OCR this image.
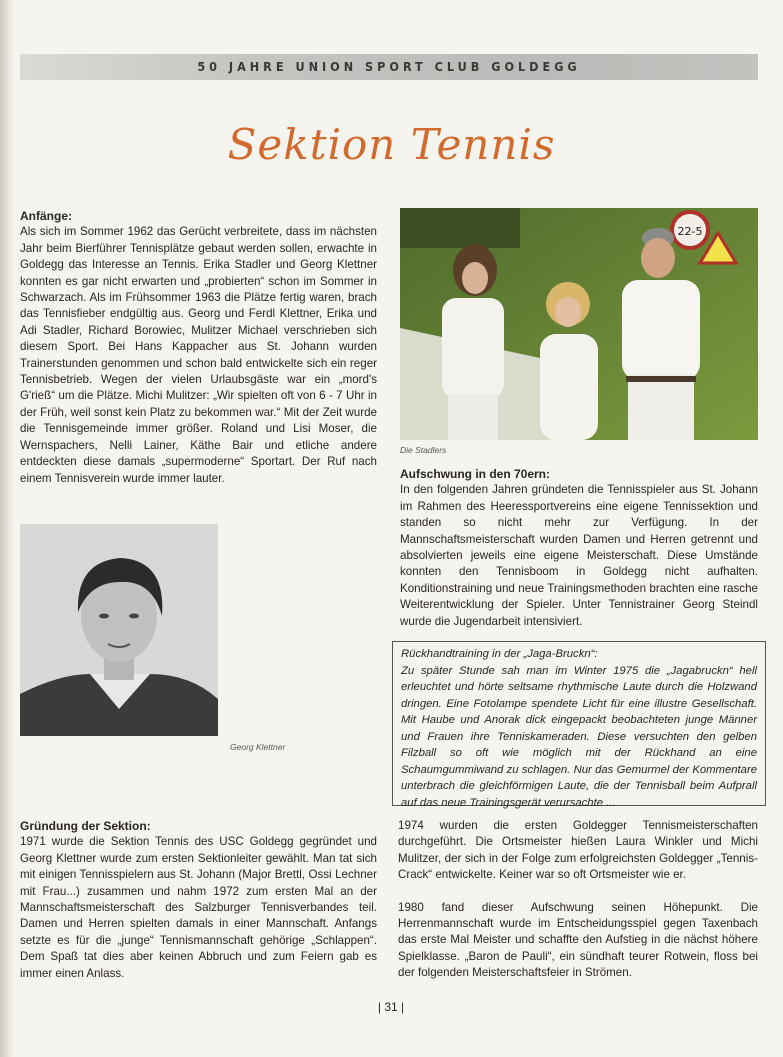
50 JAHRE UNION SPORT CLUB GOLDEGG
Sektion Tennis

Anfänge:

Als sich im Sommer 1962 das Gerücht verbreitete, dass im nächsten Jahr beim Bierführer Tennisplätze gebaut werden sollen, erwachte in Goldegg das Interesse an Tennis. Erika Stadler und Georg Klettner konnten es gar nicht erwarten und „probierten“ schon im Sommer in Schwarzach. Als im Frühsommer 1963 die Plätze fertig waren, brach das Tennisfieber endgültig aus. Georg und Ferdl Klettner, Erika und Adi Stadler, Richard Borowiec, Mulitzer Michael verschrieben sich diesem Sport. Bei Hans Kappacher aus St. Johann wurden Trainerstunden genommen und schon bald entwickelte sich ein reger Tennisbetrieb. Wegen der vielen Urlaubsgäste war ein „mord's G'rieß“ um die Plätze. Michi Mulitzer: „Wir spielten oft von 6 - 7 Uhr in der Früh, weil sonst kein Platz zu bekommen war.“ Mit der Zeit wurde die Tennisgemeinde immer größer. Roland und Lisi Moser, die Wernspachers, Nelli Lainer, Käthe Bair und etliche andere entdeckten diese damals „supermoderne“ Sportart. Der Ruf nach einem Tennisverein wurde immer lauter.

22-5
Die Stadlers

Aufschwung in den 70ern:

In den folgenden Jahren gründeten die Tennisspieler aus St. Johann im Rahmen des Heeressportvereins eine eigene Tennissektion und standen so nicht mehr zur Verfügung. In der Mannschaftsmeisterschaft wurden Damen und Herren getrennt und absolvierten jeweils eine eigene Meisterschaft. Diese Umstände konnten den Tennisboom in Goldegg nicht aufhalten. Konditionstraining und neue Trainingsmethoden brachten eine rasche Weiterentwicklung der Spieler. Unter Tennistrainer Georg Steindl wurde die Jugendarbeit intensiviert.

Georg Klettner

Rückhandtraining in der „Jaga-Bruckn“:

Zu später Stunde sah man im Winter 1975 die „Jagabruckn“ hell erleuchtet und hörte seltsame rhythmische Laute durch die Holzwand dringen. Eine Fotolampe spendete Licht für eine illustre Gesellschaft. Mit Haube und Anorak dick eingepackt beobachteten junge Männer und Frauen ihre Tenniskameraden. Diese versuchten den gelben Filzball so oft wie möglich mit der Rückhand an eine Schaumgummiwand zu schlagen. Nur das Gemurmel der Kommentare unterbrach die gleichförmigen Laute, die der Tennisball beim Aufprall auf das neue Trainingsgerät verursachte ...

Gründung der Sektion:

1971 wurde die Sektion Tennis des USC Goldegg gegründet und Georg Klettner wurde zum ersten Sektionleiter gewählt. Man tat sich mit einigen Tennisspielern aus St. Johann (Major Brettl, Ossi Lechner mit Frau...) zusammen und nahm 1972 zum ersten Mal an der Mannschaftsmeisterschaft des Salzburger Tennisverbandes teil. Damen und Herren spielten damals in einer Mannschaft. Anfangs setzte es für die „junge“ Tennismannschaft gehörige „Schlappen“. Dem Spaß tat dies aber keinen Abbruch und zum Feiern gab es immer einen Anlass.

1974 wurden die ersten Goldegger Tennismeisterschaften durchgeführt. Die Ortsmeister hießen Laura Winkler und Michi Mulitzer, der sich in der Folge zum erfolgreichsten Goldegger „Tennis-Crack“ entwickelte. Keiner war so oft Ortsmeister wie er.

1980 fand dieser Aufschwung seinen Höhepunkt. Die Herrenmannschaft wurde im Entscheidungsspiel gegen Taxenbach das erste Mal Meister und schaffte den Aufstieg in die nächst höhere Spielklasse. „Baron de Pauli“, ein sündhaft teurer Rotwein, floss bei der folgenden Meisterschaftsfeier in Strömen.

| 31 |
